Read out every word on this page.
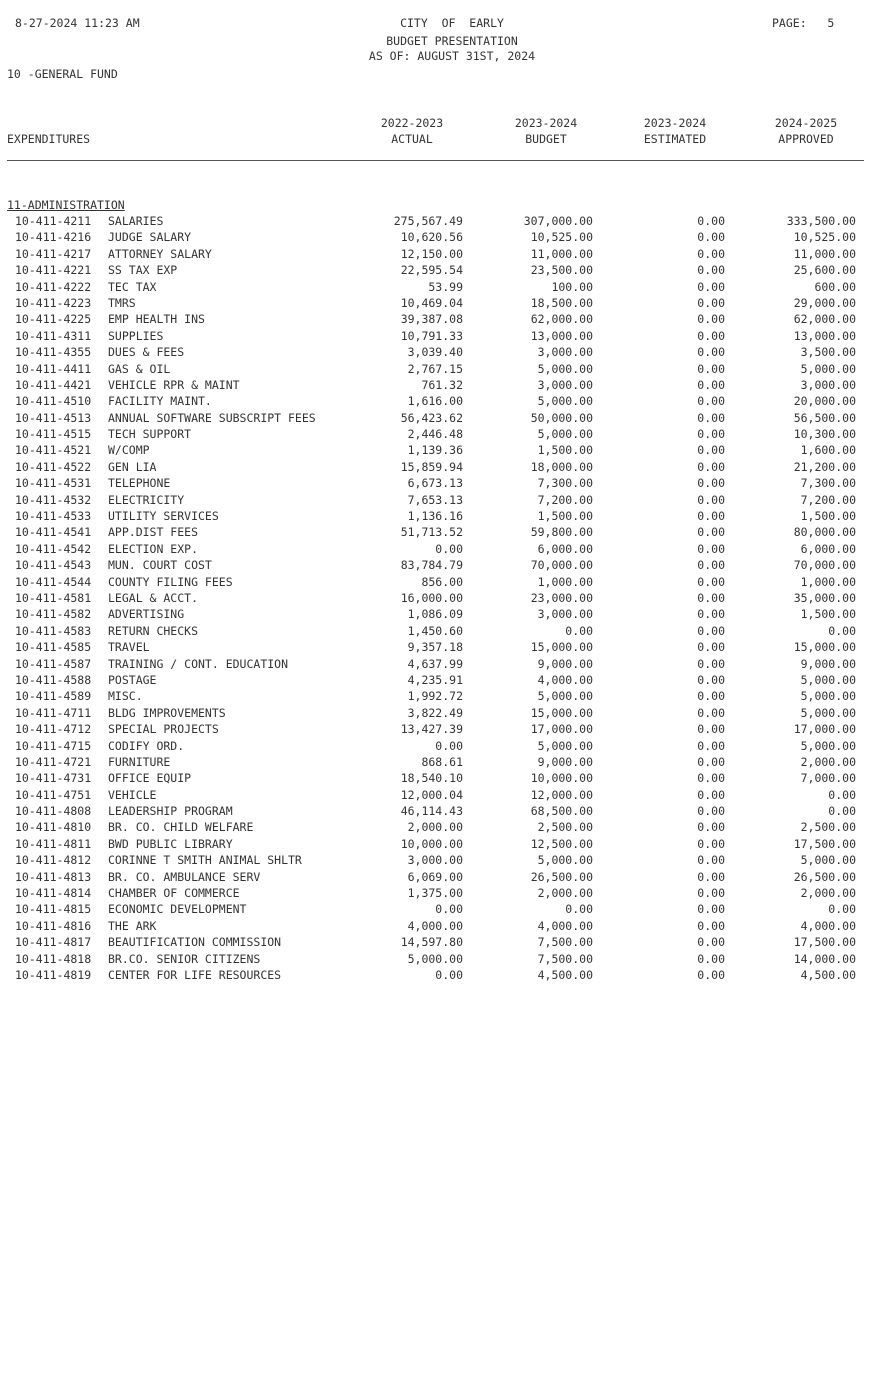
8-27-2024 11:23 AM	CITY  OF  EARLY
BUDGET PRESENTATION
AS OF: AUGUST 31ST, 2024
PAGE: 5
10 -GENERAL FUND
EXPENDITURES
2022-2023
ACTUAL
2023-2024
BUDGET
2023-2024
ESTIMATED
2024-2025
APPROVED
11-ADMINISTRATION
10-411-4211 SALARIES	275,567.49	307,000.00	0.00	333,500.00
10-411-4216 JUDGE SALARY	10,620.56	10,525.00	0.00	10,525.00
10-411-4217 ATTORNEY SALARY	12,150.00	11,000.00	0.00	11,000.00
10-411-4221 SS TAX EXP	22,595.54	23,500.00	0.00	25,600.00
10-411-4222 TEC TAX	53.99	100.00	0.00	600.00
10-411-4223 TMRS	10,469.04	18,500.00	0.00	29,000.00
10-411-4225 EMP HEALTH INS	39,387.08	62,000.00	0.00	62,000.00
10-411-4311 SUPPLIES	10,791.33	13,000.00	0.00	13,000.00
10-411-4355 DUES & FEES	3,039.40	3,000.00	0.00	3,500.00
10-411-4411 GAS & OIL	2,767.15	5,000.00	0.00	5,000.00
10-411-4421 VEHICLE RPR & MAINT	761.32	3,000.00	0.00	3,000.00
10-411-4510 FACILITY MAINT.	1,616.00	5,000.00	0.00	20,000.00
10-411-4513 ANNUAL SOFTWARE SUBSCRIPT FEES	56,423.62	50,000.00	0.00	56,500.00
10-411-4515 TECH SUPPORT	2,446.48	5,000.00	0.00	10,300.00
10-411-4521 W/COMP	1,139.36	1,500.00	0.00	1,600.00
10-411-4522 GEN LIA	15,859.94	18,000.00	0.00	21,200.00
10-411-4531 TELEPHONE	6,673.13	7,300.00	0.00	7,300.00
10-411-4532 ELECTRICITY	7,653.13	7,200.00	0.00	7,200.00
10-411-4533 UTILITY SERVICES	1,136.16	1,500.00	0.00	1,500.00
10-411-4541 APP.DIST FEES	51,713.52	59,800.00	0.00	80,000.00
10-411-4542 ELECTION EXP.	0.00	6,000.00	0.00	6,000.00
10-411-4543 MUN. COURT COST	83,784.79	70,000.00	0.00	70,000.00
10-411-4544 COUNTY FILING FEES	856.00	1,000.00	0.00	1,000.00
10-411-4581 LEGAL & ACCT.	16,000.00	23,000.00	0.00	35,000.00
10-411-4582 ADVERTISING	1,086.09	3,000.00	0.00	1,500.00
10-411-4583 RETURN CHECKS	1,450.60	0.00	0.00	0.00
10-411-4585 TRAVEL	9,357.18	15,000.00	0.00	15,000.00
10-411-4587 TRAINING / CONT. EDUCATION	4,637.99	9,000.00	0.00	9,000.00
10-411-4588 POSTAGE	4,235.91	4,000.00	0.00	5,000.00
10-411-4589 MISC.	1,992.72	5,000.00	0.00	5,000.00
10-411-4711 BLDG IMPROVEMENTS	3,822.49	15,000.00	0.00	5,000.00
10-411-4712 SPECIAL PROJECTS	13,427.39	17,000.00	0.00	17,000.00
10-411-4715 CODIFY ORD.	0.00	5,000.00	0.00	5,000.00
10-411-4721 FURNITURE	868.61	9,000.00	0.00	2,000.00
10-411-4731 OFFICE EQUIP	18,540.10	10,000.00	0.00	7,000.00
10-411-4751 VEHICLE	12,000.04	12,000.00	0.00	0.00
10-411-4808 LEADERSHIP PROGRAM	46,114.43	68,500.00	0.00	0.00
10-411-4810 BR. CO. CHILD WELFARE	2,000.00	2,500.00	0.00	2,500.00
10-411-4811 BWD PUBLIC LIBRARY	10,000.00	12,500.00	0.00	17,500.00
10-411-4812 CORINNE T SMITH ANIMAL SHLTR	3,000.00	5,000.00	0.00	5,000.00
10-411-4813 BR. CO. AMBULANCE SERV	6,069.00	26,500.00	0.00	26,500.00
10-411-4814 CHAMBER OF COMMERCE	1,375.00	2,000.00	0.00	2,000.00
10-411-4815 ECONOMIC DEVELOPMENT	0.00	0.00	0.00	0.00
10-411-4816 THE ARK	4,000.00	4,000.00	0.00	4,000.00
10-411-4817 BEAUTIFICATION COMMISSION	14,597.80	7,500.00	0.00	17,500.00
10-411-4818 BR.CO. SENIOR CITIZENS	5,000.00	7,500.00	0.00	14,000.00
10-411-4819 CENTER FOR LIFE RESOURCES	0.00	4,500.00	0.00	4,500.00
